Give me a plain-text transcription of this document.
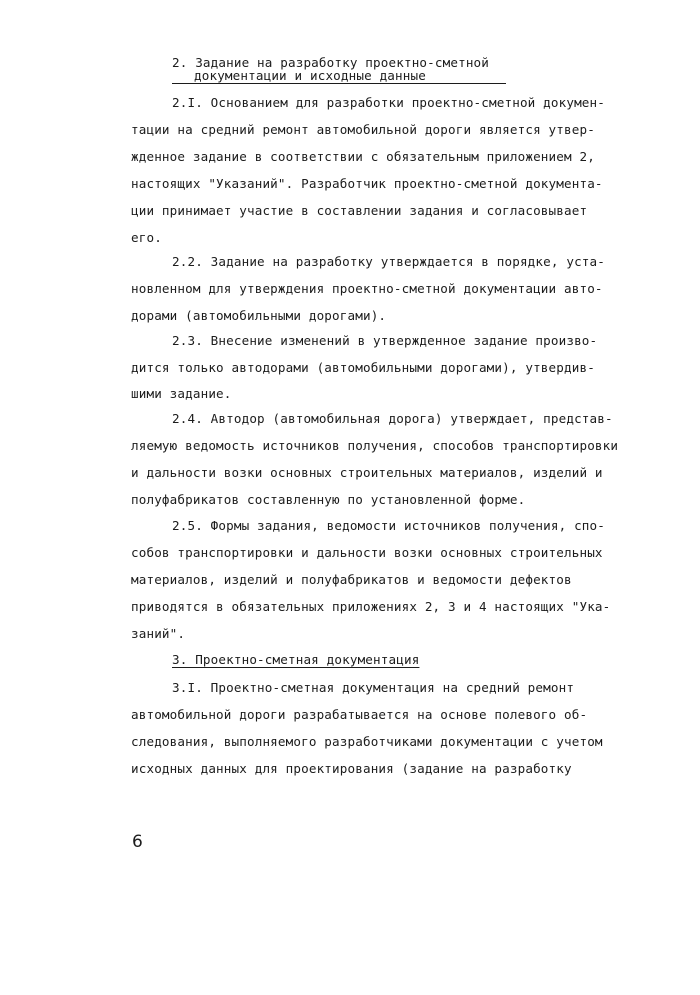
2. Задание на разработку проектно-сметной
документации и исходные данные
2.I. Основанием для разработки проектно-сметной докумен-
тации на средний ремонт автомобильной дороги является утвер-
жденное задание в соответствии с обязательным приложением 2,
настоящих "Указаний". Разработчик проектно-сметной документа-
ции принимает участие в составлении задания и согласовывает
его.
2.2. Задание на разработку утверждается в порядке, уста-
новленном для утверждения проектно-сметной документации авто-
дорами (автомобильными дорогами).
2.3. Внесение изменений в утвержденное задание произво-
дится только автодорами (автомобильными дорогами), утвердив-
шими задание.
2.4. Автодор (автомобильная дорога) утверждает, представ-
ляемую ведомость источников получения, способов транспортировки
и дальности возки основных строительных материалов, изделий и
полуфабрикатов составленную по установленной форме.
2.5. Формы задания, ведомости источников получения, спо-
собов транспортировки и дальности возки основных строительных
материалов, изделий и полуфабрикатов и ведомости дефектов
приводятся в обязательных приложениях 2, 3 и 4 настоящих "Ука-
заний".
3. Проектно-сметная документация
3.I. Проектно-сметная документация на средний ремонт
автомобильной дороги разрабатывается на основе полевого об-
следования, выполняемого разработчиками документации с учетом
исходных данных для проектирования (задание на разработку
6
